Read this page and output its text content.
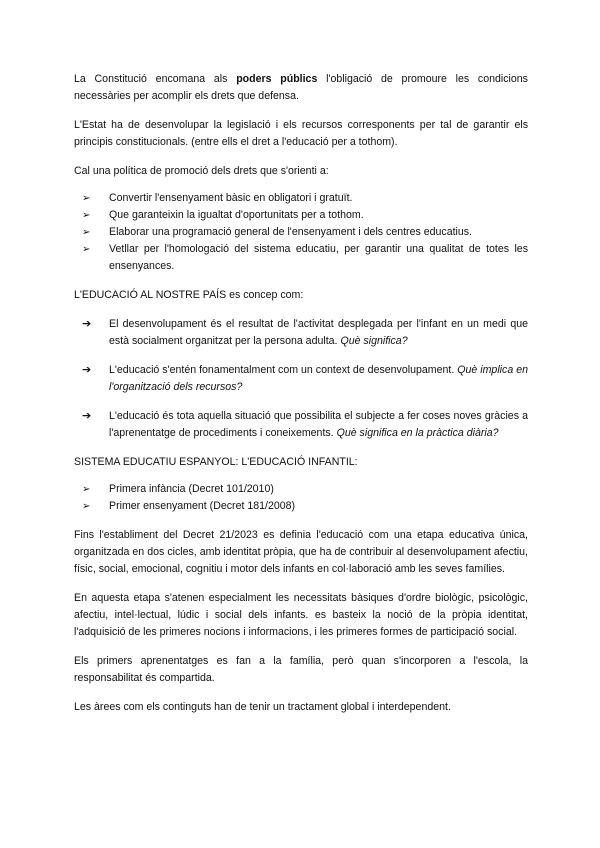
La Constitució encomana als poders públics l'obligació de promoure les condicions necessàries per acomplir els drets que defensa.

L'Estat ha de desenvolupar la legislació i els recursos corresponents per tal de garantir els principis constitucionals. (entre ells el dret a l'educació per a tothom).

Cal una política de promoció dels drets que s'orienti a:

➢ Convertir l'ensenyament bàsic en obligatori i gratuït.
➢ Que garanteixin la igualtat d'oportunitats per a tothom.
➢ Elaborar una programació general de l'ensenyament i dels centres educatius.
➢ Vetllar per l'homologació del sistema educatiu, per garantir una qualitat de totes les ensenyances.

L'EDUCACIÓ AL NOSTRE PAÍS es concep com:

➔ El desenvolupament és el resultat de l'activitat desplegada per l'infant en un medi que està socialment organitzat per la persona adulta. Què significa?
➔ L'educació s'entén fonamentalment com un context de desenvolupament. Què implica en l'organització dels recursos?
➔ L'educació és tota aquella situació que possibilita el subjecte a fer coses noves gràcies a l'aprenentatge de procediments i coneixements. Què significa en la pràctica diària?

SISTEMA EDUCATIU ESPANYOL: L'EDUCACIÓ INFANTIL:

➢ Primera infància (Decret 101/2010)
➢ Primer ensenyament (Decret 181/2008)

Fins l'establiment del Decret 21/2023 es definia l'educació com una etapa educativa única, organitzada en dos cicles, amb identitat pròpia, que ha de contribuir al desenvolupament afectiu, físic, social, emocional, cognitiu i motor dels infants en col·laboració amb les seves famílies.

En aquesta etapa s'atenen especialment les necessitats bàsiques d'ordre biològic, psicològic, afectiu, intel·lectual, lúdic i social dels infants. es basteix la noció de la pròpia identitat, l'adquisició de les primeres nocions i informacions, i les primeres formes de participació social.

Els primers aprenentatges es fan a la família, però quan s'incorporen a l'escola, la responsabilitat és compartida.

Les àrees com els continguts han de tenir un tractament global i interdependent.
